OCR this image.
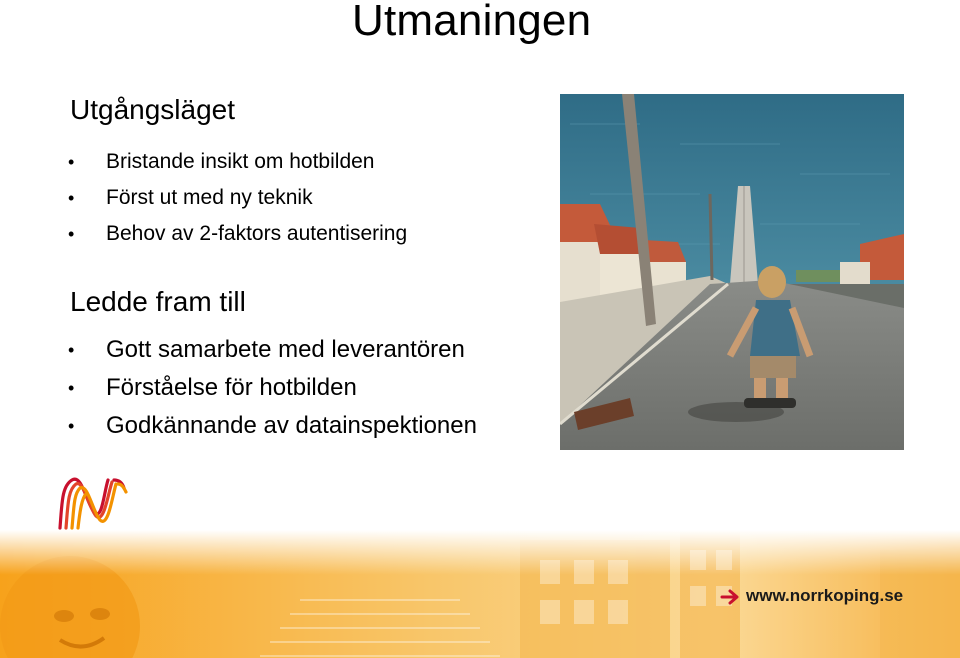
Utmaningen
Utgångsläget
• Bristande insikt om hotbilden
• Först ut med ny teknik
• Behov av 2-faktors autentisering
Ledde fram till
• Gott samarbete med leverantören
• Förståelse för hotbilden
• Godkännande av datainspektionen
www.norrkoping.se
